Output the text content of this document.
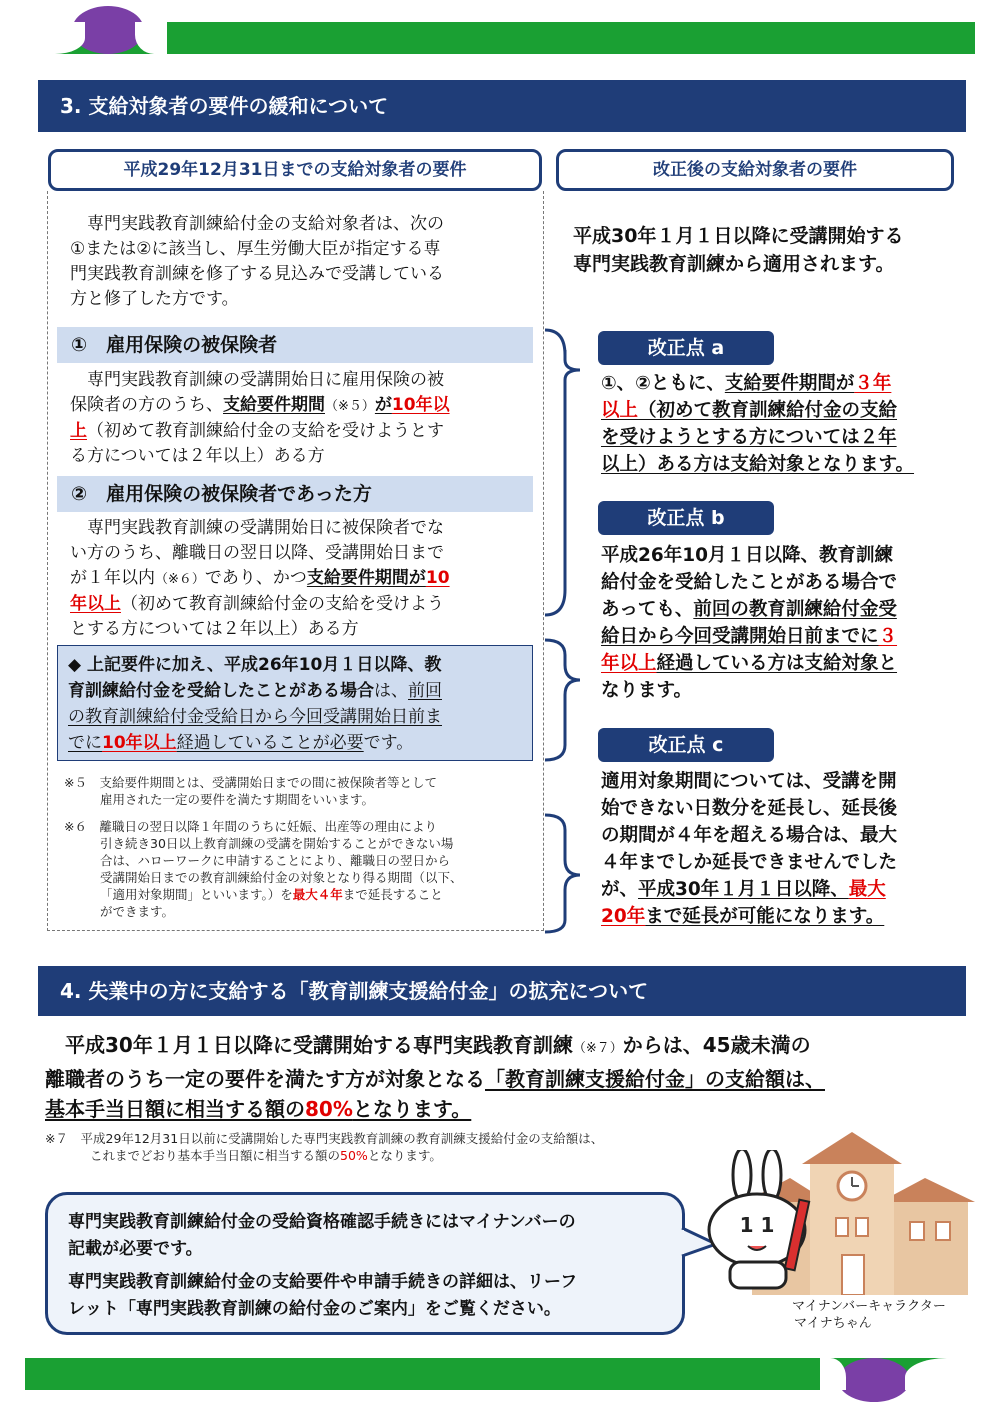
3. 支給対象者の要件の緩和について
平成29年12月31日までの支給対象者の要件	改正後の支給対象者の要件
　専門実践教育訓練給付金の支給対象者は、次の
①または②に該当し、厚生労働大臣が指定する専
門実践教育訓練を修了する見込みで受講している
方と修了した方です。
①　雇用保険の被保険者
　専門実践教育訓練の受講開始日に雇用保険の被
保険者の方のうち、支給要件期間（※５）が10年以
上（初めて教育訓練給付金の支給を受けようとす
る方については２年以上）ある方
②　雇用保険の被保険者であった方
　専門実践教育訓練の受講開始日に被保険者でな
い方のうち、離職日の翌日以降、受講開始日まで
が１年以内（※６）であり、かつ支給要件期間が10
年以上（初めて教育訓練給付金の支給を受けよう
とする方については２年以上）ある方
◆ 上記要件に加え、平成26年10月１日以降、教
育訓練給付金を受給したことがある場合は、前回
の教育訓練給付金受給日から今回受講開始日前ま
でに10年以上経過していることが必要です。
※５　 支給要件期間とは、受講開始日までの間に被保険者等として
雇用された一定の要件を満たす期間をいいます。
※６　 離職日の翌日以降１年間のうちに妊娠、出産等の理由により
引き続き30日以上教育訓練の受講を開始することができない場
合は、ハローワークに申請することにより、離職日の翌日から
受講開始日までの教育訓練給付金の対象となり得る期間（以下、
「適用対象期間」といいます。）を最大４年まで延長すること
ができます。
平成30年１月１日以降に受講開始する
専門実践教育訓練から適用されます。
改正点 a
①、②ともに、支給要件期間が３年
以上（初めて教育訓練給付金の支給
を受けようとする方については２年
以上）ある方は支給対象となります。
改正点 b
平成26年10月１日以降、教育訓練
給付金を受給したことがある場合で
あっても、前回の教育訓練給付金受
給日から今回受講開始日前までに３
年以上経過している方は支給対象と
なります。
改正点 c
適用対象期間については、受講を開
始できない日数分を延長し、延長後
の期間が４年を超える場合は、最大
４年までしか延長できませんでした
が、平成30年１月１日以降、最大
20年まで延長が可能になります。
4. 失業中の方に支給する「教育訓練支援給付金」の拡充について
　平成30年１月１日以降に受講開始する専門実践教育訓練（※７）からは、45歳未満の
離職者のうち一定の要件を満たす方が対象となる「教育訓練支援給付金」の支給額は、
基本手当日額に相当する額の80%となります。
※７　 平成29年12月31日以前に受講開始した専門実践教育訓練の教育訓練支援給付金の支給額は、
これまでどおり基本手当日額に相当する額の50%となります。
専門実践教育訓練給付金の受給資格確認手続きにはマイナンバーの
記載が必要です。
専門実践教育訓練給付金の支給要件や申請手続きの詳細は、リーフ
レット「専門実践教育訓練の給付金のご案内」をご覧ください。
1 1
マイナンバーキャラクター
マイナちゃん
